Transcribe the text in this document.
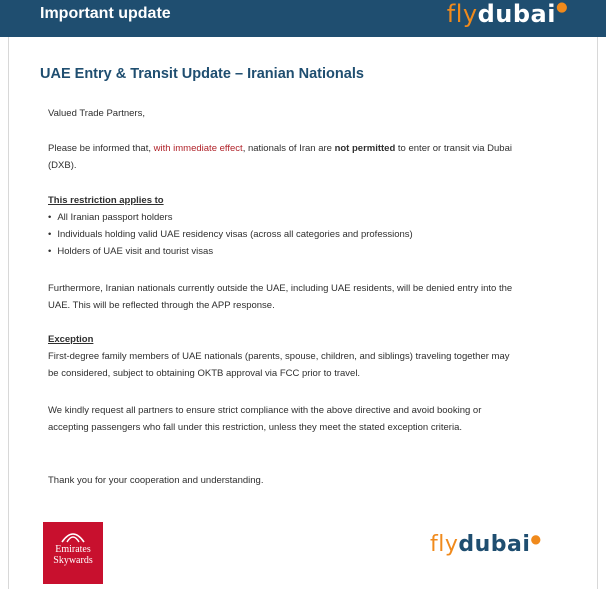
Important update	flydubai●
UAE Entry & Transit Update – Iranian Nationals
Valued Trade Partners,
Please be informed that, with immediate effect, nationals of Iran are not permitted to enter or transit via Dubai (DXB).
This restriction applies to
• All Iranian passport holders
• Individuals holding valid UAE residency visas (across all categories and professions)
• Holders of UAE visit and tourist visas
Furthermore, Iranian nationals currently outside the UAE, including UAE residents, will be denied entry into the UAE. This will be reflected through the APP response.
Exception
First-degree family members of UAE nationals (parents, spouse, children, and siblings) traveling together may be considered, subject to obtaining OKTB approval via FCC prior to travel.
We kindly request all partners to ensure strict compliance with the above directive and avoid booking or accepting passengers who fall under this restriction, unless they meet the stated exception criteria.
Thank you for your cooperation and understanding.
Emirates
Skywards
flydubai●
